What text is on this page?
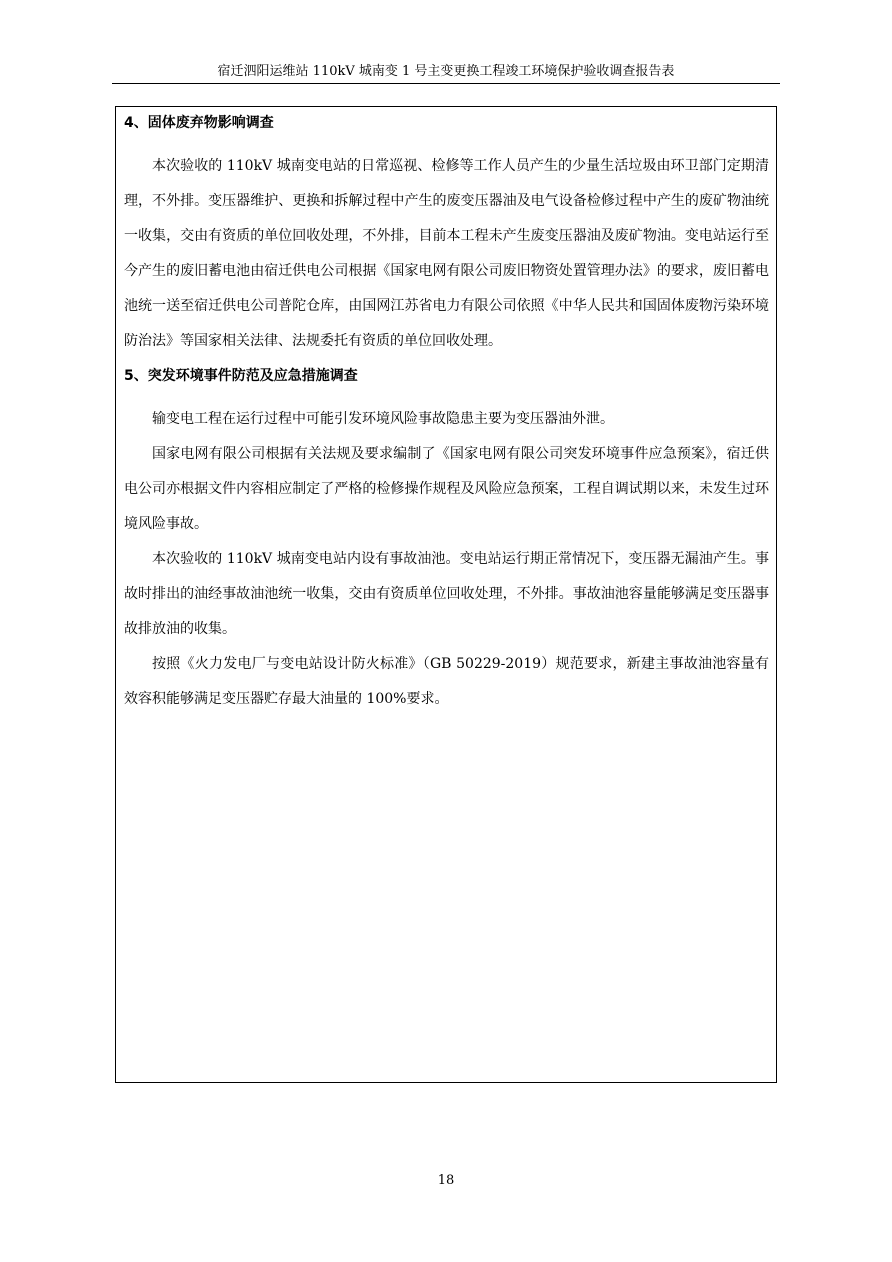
宿迁泗阳运维站 110kV 城南变 1 号主变更换工程竣工环境保护验收调查报告表
4、固体废弃物影响调查

本次验收的 110kV 城南变电站的日常巡视、检修等工作人员产生的少量生活垃圾由环卫部门定期清理，不外排。变压器维护、更换和拆解过程中产生的废变压器油及电气设备检修过程中产生的废矿物油统一收集，交由有资质的单位回收处理，不外排，目前本工程未产生废变压器油及废矿物油。变电站运行至今产生的废旧蓄电池由宿迁供电公司根据《国家电网有限公司废旧物资处置管理办法》的要求，废旧蓄电池统一送至宿迁供电公司普陀仓库，由国网江苏省电力有限公司依照《中华人民共和国固体废物污染环境防治法》等国家相关法律、法规委托有资质的单位回收处理。

5、突发环境事件防范及应急措施调查

输变电工程在运行过程中可能引发环境风险事故隐患主要为变压器油外泄。

国家电网有限公司根据有关法规及要求编制了《国家电网有限公司突发环境事件应急预案》，宿迁供电公司亦根据文件内容相应制定了严格的检修操作规程及风险应急预案，工程自调试期以来，未发生过环境风险事故。

本次验收的 110kV 城南变电站内设有事故油池。变电站运行期正常情况下，变压器无漏油产生。事故时排出的油经事故油池统一收集，交由有资质单位回收处理，不外排。事故油池容量能够满足变压器事故排放油的收集。

按照《火力发电厂与变电站设计防火标准》（GB 50229-2019）规范要求，新建主事故油池容量有效容积能够满足变压器贮存最大油量的 100%要求。

18
